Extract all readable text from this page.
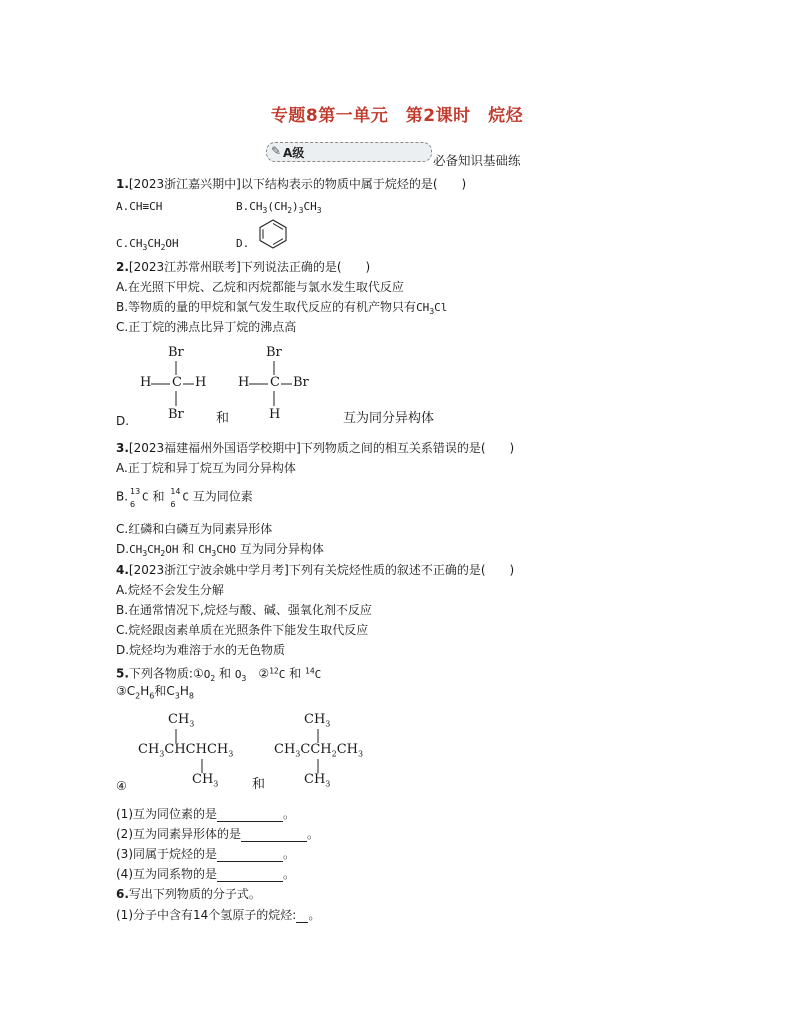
专题8第一单元　第2课时　烷烃
✎ A级	必备知识基础练
1.[2023浙江嘉兴期中]以下结构表示的物质中属于烷烃的是(　　)
A.CH≡CH	$B.CH_3(CH_2)_3CH_3$
$C.CH_3CH_2OH$	D.
2.[2023江苏常州联考]下列说法正确的是(　　)
A.在光照下甲烷、乙烷和丙烷都能与氯水发生取代反应
B.等物质的量的甲烷和氯气发生取代反应的有机产物只有$CH_3Cl$
C.正丁烷的沸点比异丁烷的沸点高
Br
H C H
Br
Br
H C Br
H
D.	和	互为同分异构体
3.[2023福建福州外国语学校期中]下列物质之间的相互关系错误的是(　　)
A.正丁烷和异丁烷互为同分异构体
B. 13
6
C 和 14
6
C 互为同位素
C.红磷和白磷互为同素异形体
$D.CH_3CH_2OH$ 和 $CH_3CHO$ 互为同分异构体
4.[2023浙江宁波余姚中学月考]下列有关烷烃性质的叙述不正确的是(　　)
A.烷烃不会发生分解
B.在通常情况下,烷烃与酸、碱、强氧化剂不反应
C.烷烃跟卤素单质在光照条件下能发生取代反应
D.烷烃均为难溶于水的无色物质
5.下列各物质$:①O_2$ 和 $O_3$　②$^{12}$C 和 $^{14}$C
$③C_2H_6$和$C_3H_8$
$CH_3$
$CH_3CHCHCH_3$
$CH_3$
$CH_3$
$CH_3CCH_2CH_3$
$CH_3$
④	和
(1)互为同位素的是	。
(2)互为同素异形体的是	。
(3)同属于烷烃的是	。
(4)互为同系物的是	。
6.写出下列物质的分子式。
(1)分子中含有14个氢原子的烷烃: 。
